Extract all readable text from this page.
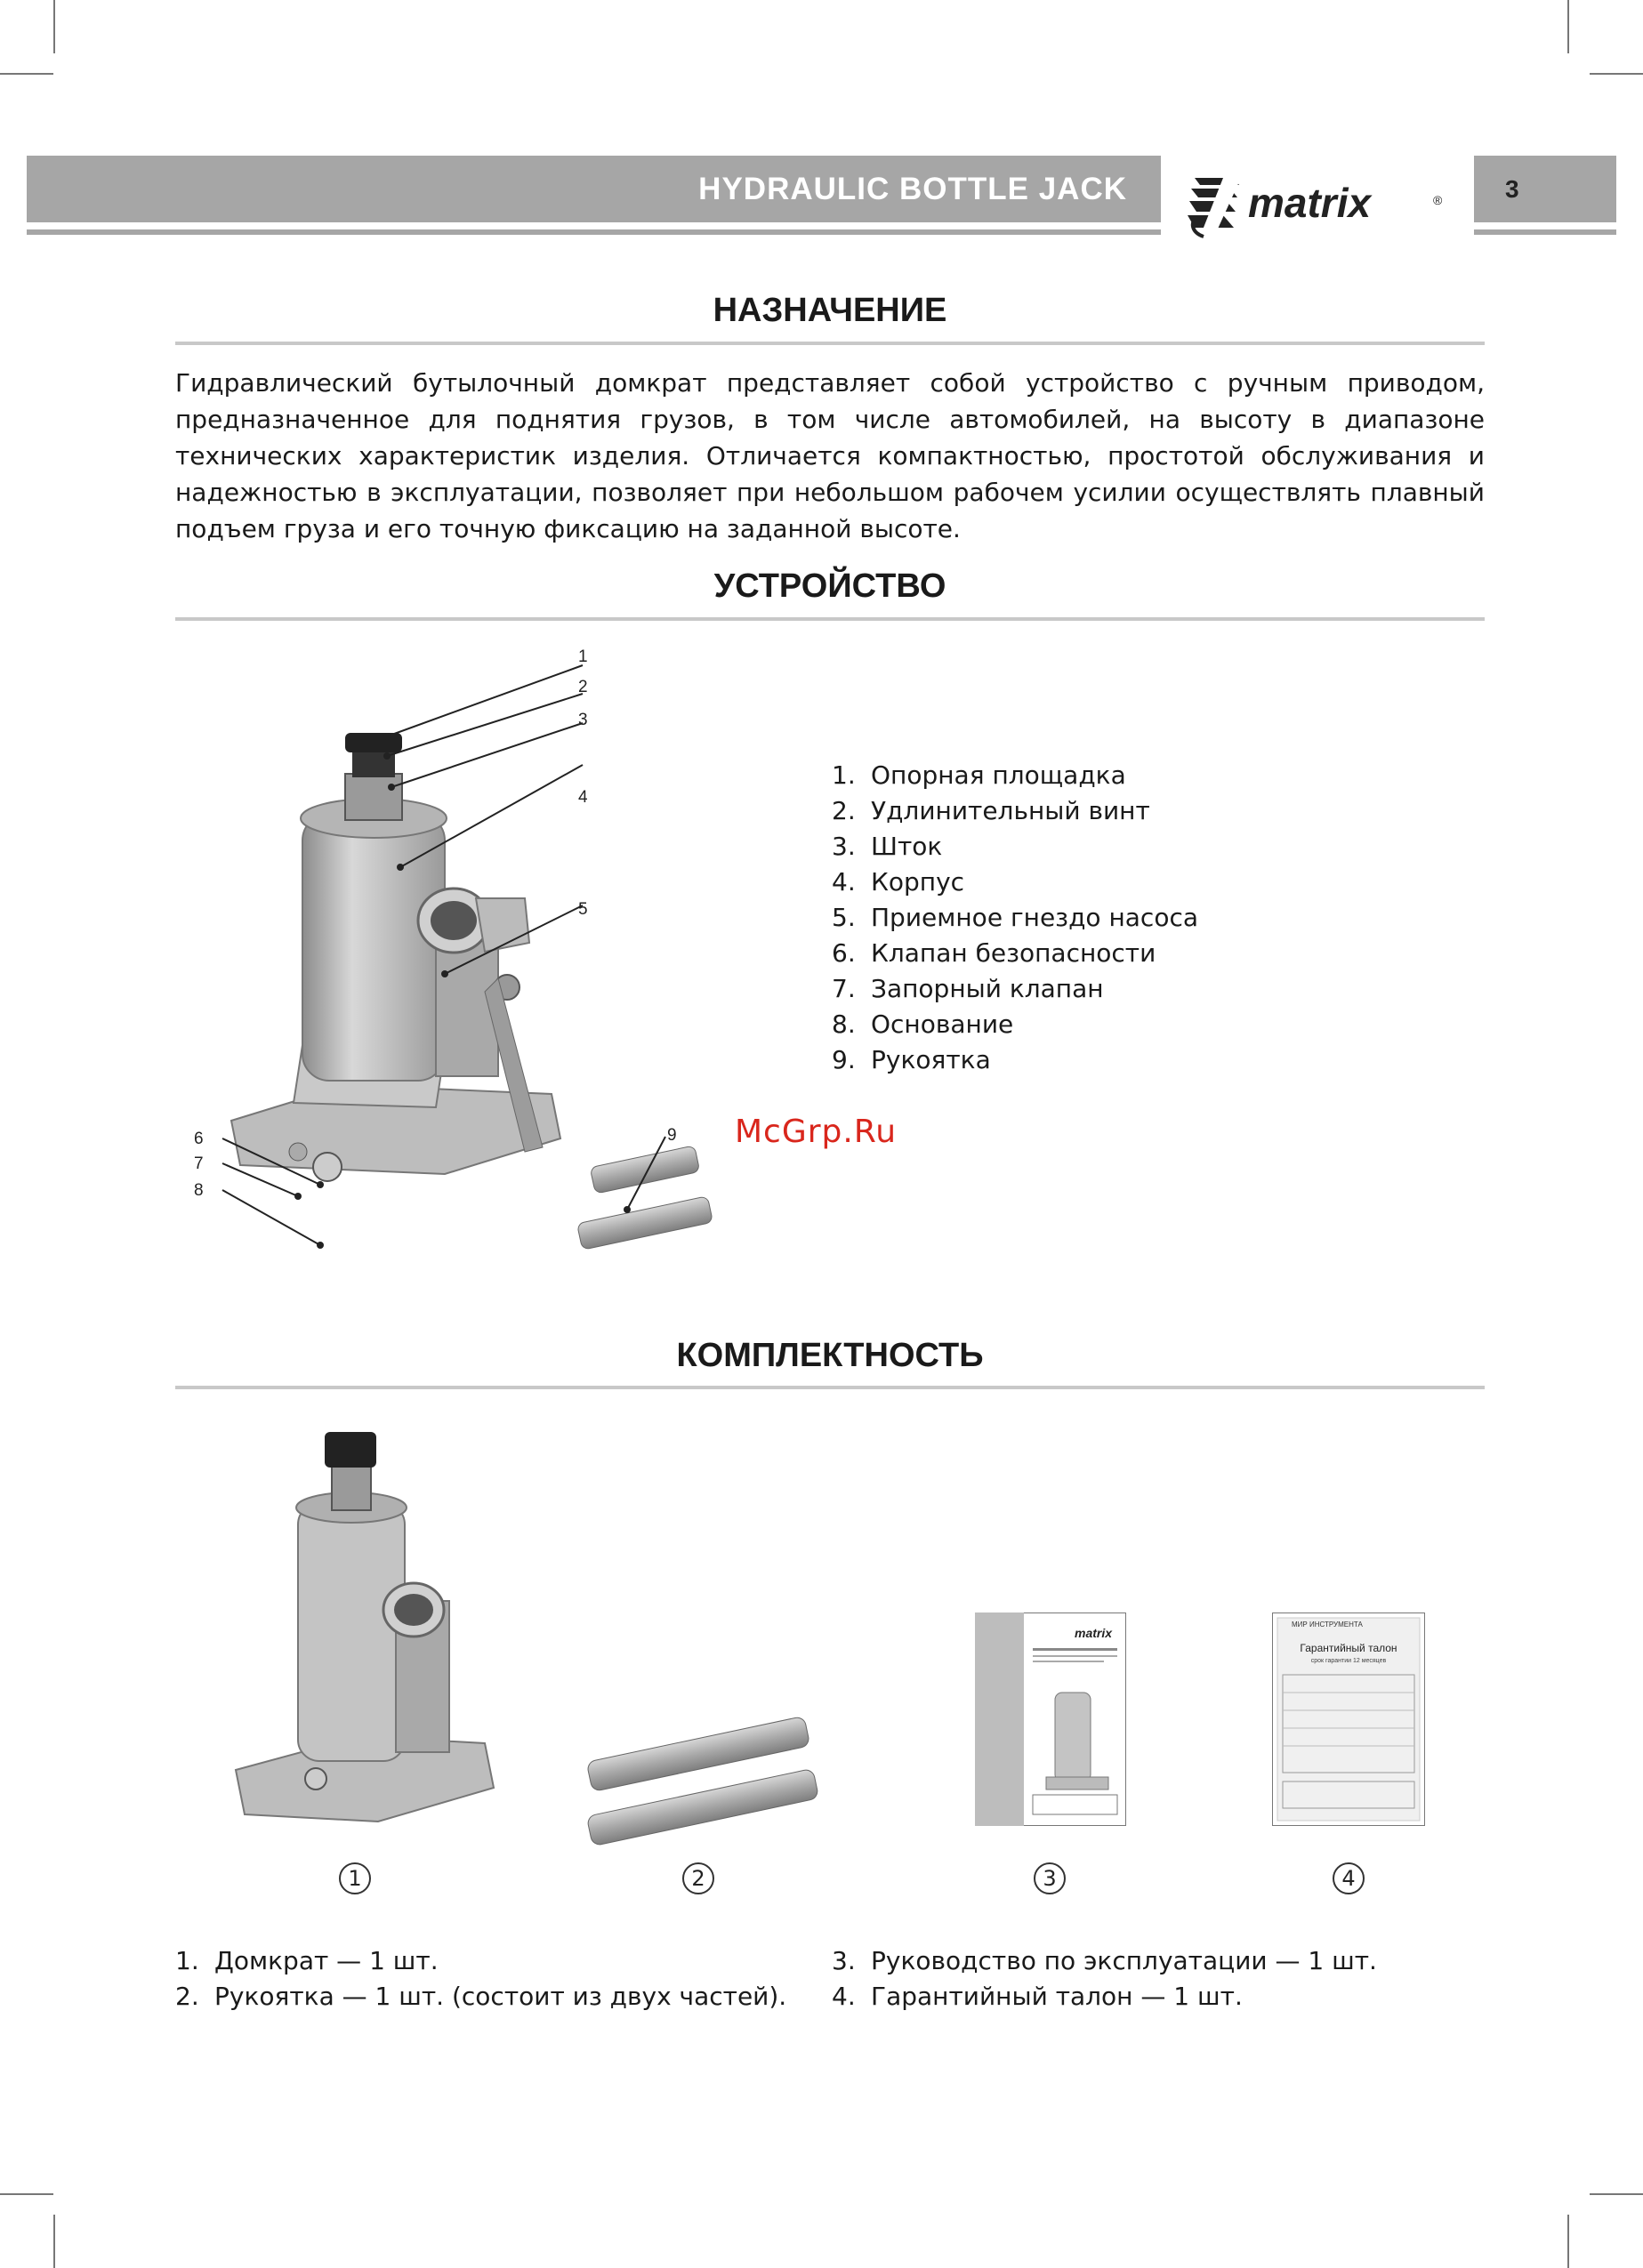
HYDRAULIC BOTTLE JACK	matrix	®	3
НАЗНАЧЕНИЕ
Гидравлический бутылочный домкрат представляет собой устройство с ручным приводом, предназначенное для поднятия грузов, в том числе автомобилей, на высоту в диапазоне технических характеристик изделия. Отличается компактностью, простотой обслуживания и надежностью в эксплуатации, позволяет при небольшом рабочем усилии осуществлять плавный подъем груза и его точную фиксацию на заданной высоте.
УСТРОЙСТВО
1
2
3
4
5
6
7
8
9
1. Опорная площадка
2. Удлинительный винт
3. Шток
4. Корпус
5. Приемное гнездо насоса
6. Клапан безопасности
7. Запорный клапан
8. Основание
9. Рукоятка
McGrp.Ru
КОМПЛЕКТНОСТЬ
matrix
МИР ИНСТРУМЕНТА
Гарантийный талон
срок гарантии 12 месяцев
1	2	3	4
1. Домкрат — 1 шт.
2. Рукоятка — 1 шт. (состоит из двух частей).
3. Руководство по эксплуатации — 1 шт.
4. Гарантийный талон — 1 шт.
